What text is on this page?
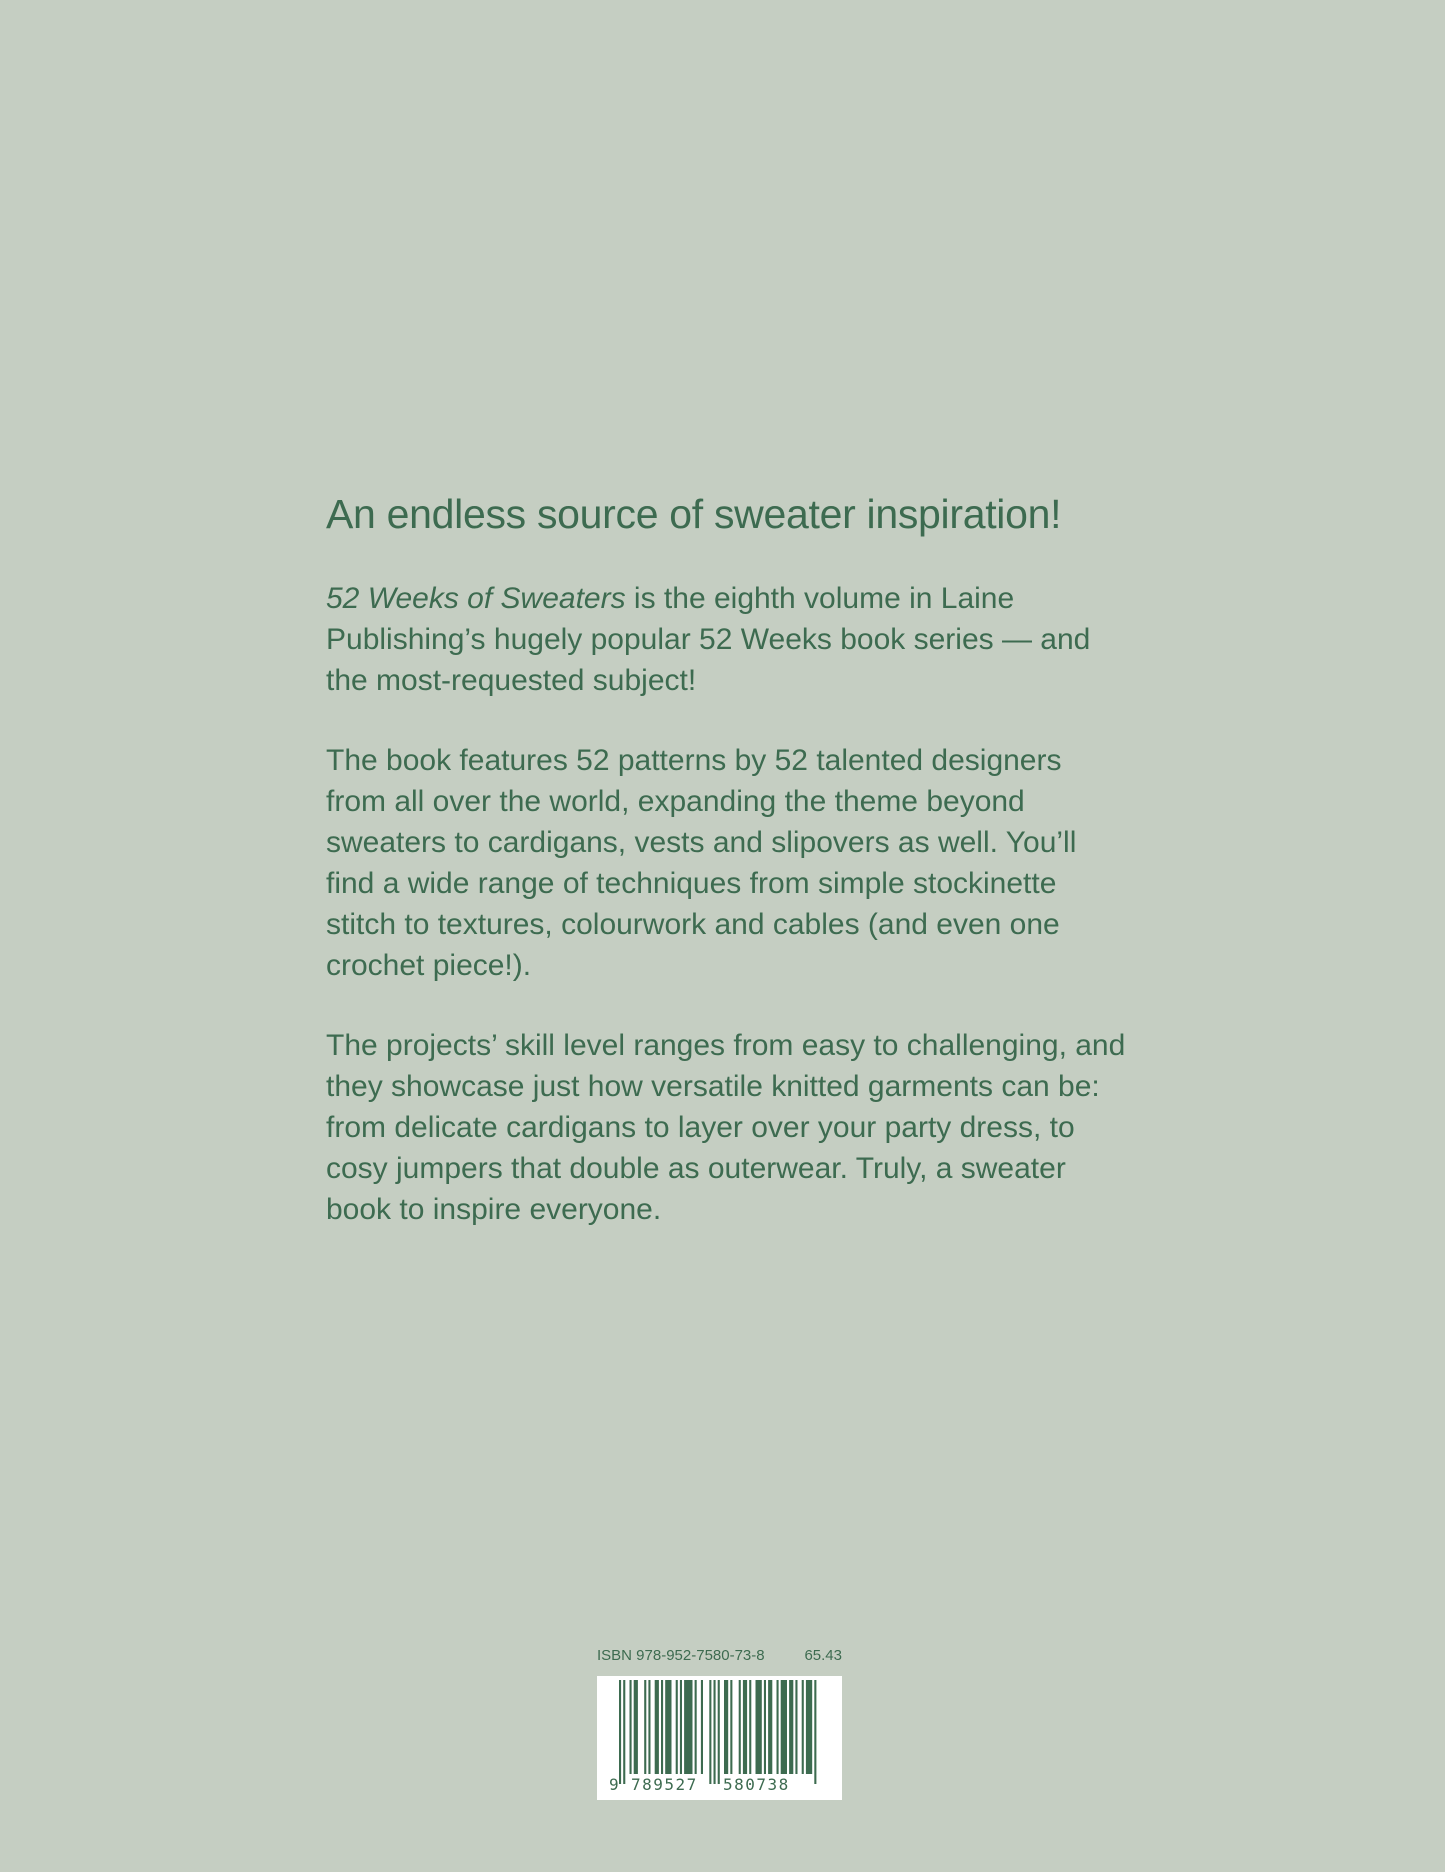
An endless source of sweater inspiration!

52 Weeks of Sweaters is the eighth volume in Laine Publishing’s hugely popular 52 Weeks book series — and the most-requested subject!

The book features 52 patterns by 52 talented designers from all over the world, expanding the theme beyond sweaters to cardigans, vests and slipovers as well. You’ll find a wide range of techniques from simple stockinette stitch to textures, colourwork and cables (and even one crochet piece!).

The projects’ skill level ranges from easy to challenging, and they showcase just how versatile knitted garments can be: from delicate cardigans to layer over your party dress, to cosy jumpers that double as outerwear. Truly, a sweater book to inspire everyone.

ISBN 978-952-7580-73-8	65.43
9 789527 580738
